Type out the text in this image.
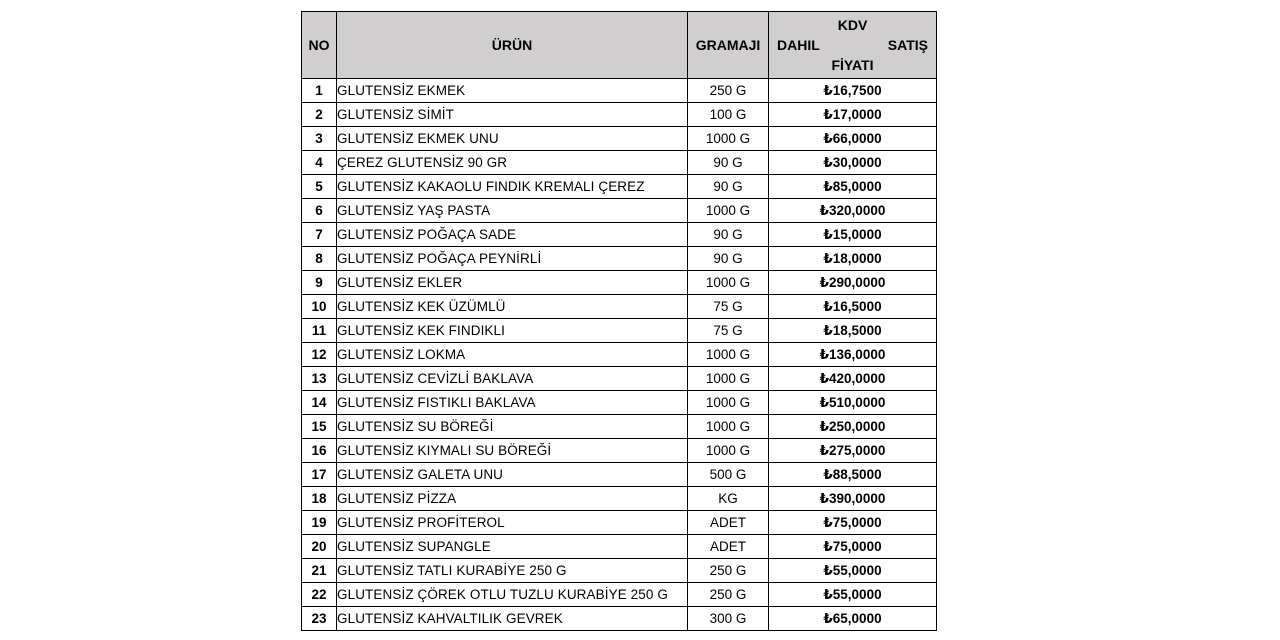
NO	ÜRÜN	GRAMAJI	KDV
DAHIL SATIŞ
FİYATI

1	GLUTENSİZ EKMEK	250 G	₺16,7500
2	GLUTENSİZ SİMİT	100 G	₺17,0000
3	GLUTENSİZ EKMEK UNU	1000 G	₺66,0000
4	ÇEREZ GLUTENSİZ 90 GR	90 G	₺30,0000
5	GLUTENSİZ KAKAOLU FINDIK KREMALI ÇEREZ	90 G	₺85,0000
6	GLUTENSİZ YAŞ PASTA	1000 G	₺320,0000
7	GLUTENSİZ POĞAÇA SADE	90 G	₺15,0000
8	GLUTENSİZ POĞAÇA PEYNİRLİ	90 G	₺18,0000
9	GLUTENSİZ EKLER	1000 G	₺290,0000
10	GLUTENSİZ KEK ÜZÜMLÜ	75 G	₺16,5000
11	GLUTENSİZ KEK FINDIKLI	75 G	₺18,5000
12	GLUTENSİZ LOKMA	1000 G	₺136,0000
13	GLUTENSİZ CEVİZLİ BAKLAVA	1000 G	₺420,0000
14	GLUTENSİZ FISTIKLI BAKLAVA	1000 G	₺510,0000
15	GLUTENSİZ SU BÖREĞİ	1000 G	₺250,0000
16	GLUTENSİZ KIYMALI SU BÖREĞİ	1000 G	₺275,0000
17	GLUTENSİZ GALETA UNU	500 G	₺88,5000
18	GLUTENSİZ PİZZA	KG	₺390,0000
19	GLUTENSİZ PROFİTEROL	ADET	₺75,0000
20	GLUTENSİZ SUPANGLE	ADET	₺75,0000
21	GLUTENSİZ TATLI KURABİYE 250 G	250 G	₺55,0000
22	GLUTENSİZ ÇÖREK OTLU TUZLU KURABİYE 250 G	250 G	₺55,0000
23	GLUTENSİZ KAHVALTILIK GEVREK	300 G	₺65,0000
